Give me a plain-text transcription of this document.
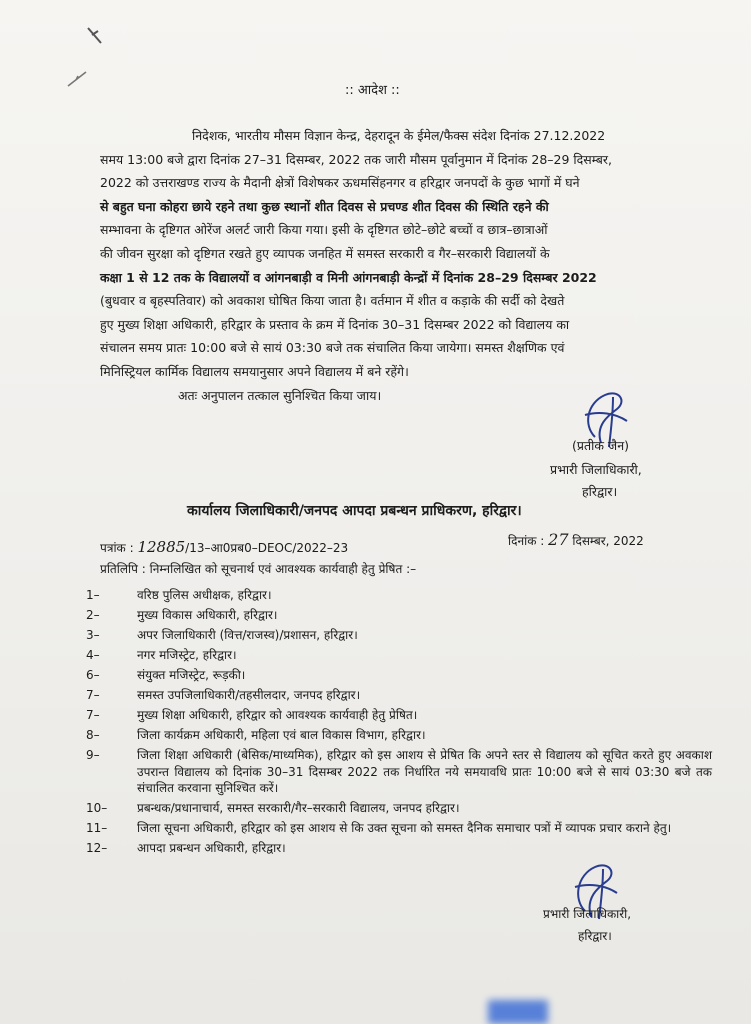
:: आदेश ::

निदेशक, भारतीय मौसम विज्ञान केन्द्र, देहरादून के ईमेल/फैक्स संदेश दिनांक 27.12.2022

समय 13:00 बजे द्वारा दिनांक 27–31 दिसम्बर, 2022 तक जारी मौसम पूर्वानुमान में दिनांक 28–29 दिसम्बर,

2022 को उत्तराखण्ड राज्य के मैदानी क्षेत्रों विशेषकर ऊधमसिंहनगर व हरिद्वार जनपदों के कुछ भागों में घने

से बहुत घना कोहरा छाये रहने तथा कुछ स्थानों शीत दिवस से प्रचण्ड शीत दिवस की स्थिति रहने की

सम्भावना के दृष्टिगत ओरेंज अलर्ट जारी किया गया। इसी के दृष्टिगत छोटे–छोटे बच्चों व छात्र–छात्राओं

की जीवन सुरक्षा को दृष्टिगत रखते हुए व्यापक जनहित में समस्त सरकारी व गैर–सरकारी विद्यालयों के

कक्षा 1 से 12 तक के विद्यालयों व आंगनबाड़ी व मिनी आंगनबाड़ी केन्द्रों में दिनांक 28–29 दिसम्बर 2022

(बुधवार व बृहस्पतिवार) को अवकाश घोषित किया जाता है। वर्तमान में शीत व कड़ाके की सर्दी को देखते

हुए मुख्य शिक्षा अधिकारी, हरिद्वार के प्रस्ताव के क्रम में दिनांक 30–31 दिसम्बर 2022 को विद्यालय का

संचालन समय प्रातः 10:00 बजे से सायं 03:30 बजे तक संचालित किया जायेगा। समस्त शैक्षणिक एवं

मिनिस्ट्रियल कार्मिक विद्यालय समयानुसार अपने विद्यालय में बने रहेंगे।

अतः अनुपालन तत्काल सुनिश्चित किया जाय।

(प्रतीक जैन)
प्रभारी जिलाधिकारी,
हरिद्वार।
कार्यालय जिलाधिकारी/जनपद आपदा प्रबन्धन प्राधिकरण, हरिद्वार।
पत्रांक : 12885/13–आ0प्रब0–DEOC/2022–23	दिनांक : 27 दिसम्बर, 2022
प्रतिलिपि : निम्नलिखित को सूचनार्थ एवं आवश्यक कार्यवाही हेतु प्रेषित :–
1–	वरिष्ठ पुलिस अधीक्षक, हरिद्वार।
2–	मुख्य विकास अधिकारी, हरिद्वार।
3–	अपर जिलाधिकारी (वित्त/राजस्व)/प्रशासन, हरिद्वार।
4–	नगर मजिस्ट्रेट, हरिद्वार।
6–	संयुक्त मजिस्ट्रेट, रूड़की।
7–	समस्त उपजिलाधिकारी/तहसीलदार, जनपद हरिद्वार।
7–	मुख्य शिक्षा अधिकारी, हरिद्वार को आवश्यक कार्यवाही हेतु प्रेषित।
8–	जिला कार्यक्रम अधिकारी, महिला एवं बाल विकास विभाग, हरिद्वार।
9–	जिला शिक्षा अधिकारी (बेसिक/माध्यमिक), हरिद्वार को इस आशय से प्रेषित कि अपने स्तर से विद्यालय को सूचित करते हुए अवकाश उपरान्त विद्यालय को दिनांक 30–31 दिसम्बर 2022 तक निर्धारित नये समयावधि प्रातः 10:00 बजे से सायं 03:30 बजे तक संचालित करवाना सुनिश्चित करें।
10–	प्रबन्धक/प्रधानाचार्य, समस्त सरकारी/गैर–सरकारी विद्यालय, जनपद हरिद्वार।
11–	जिला सूचना अधिकारी, हरिद्वार को इस आशय से कि उक्त सूचना को समस्त दैनिक समाचार पत्रों में व्यापक प्रचार कराने हेतु।
12–	आपदा प्रबन्धन अधिकारी, हरिद्वार।
प्रभारी जिलाधिकारी,
हरिद्वार।
